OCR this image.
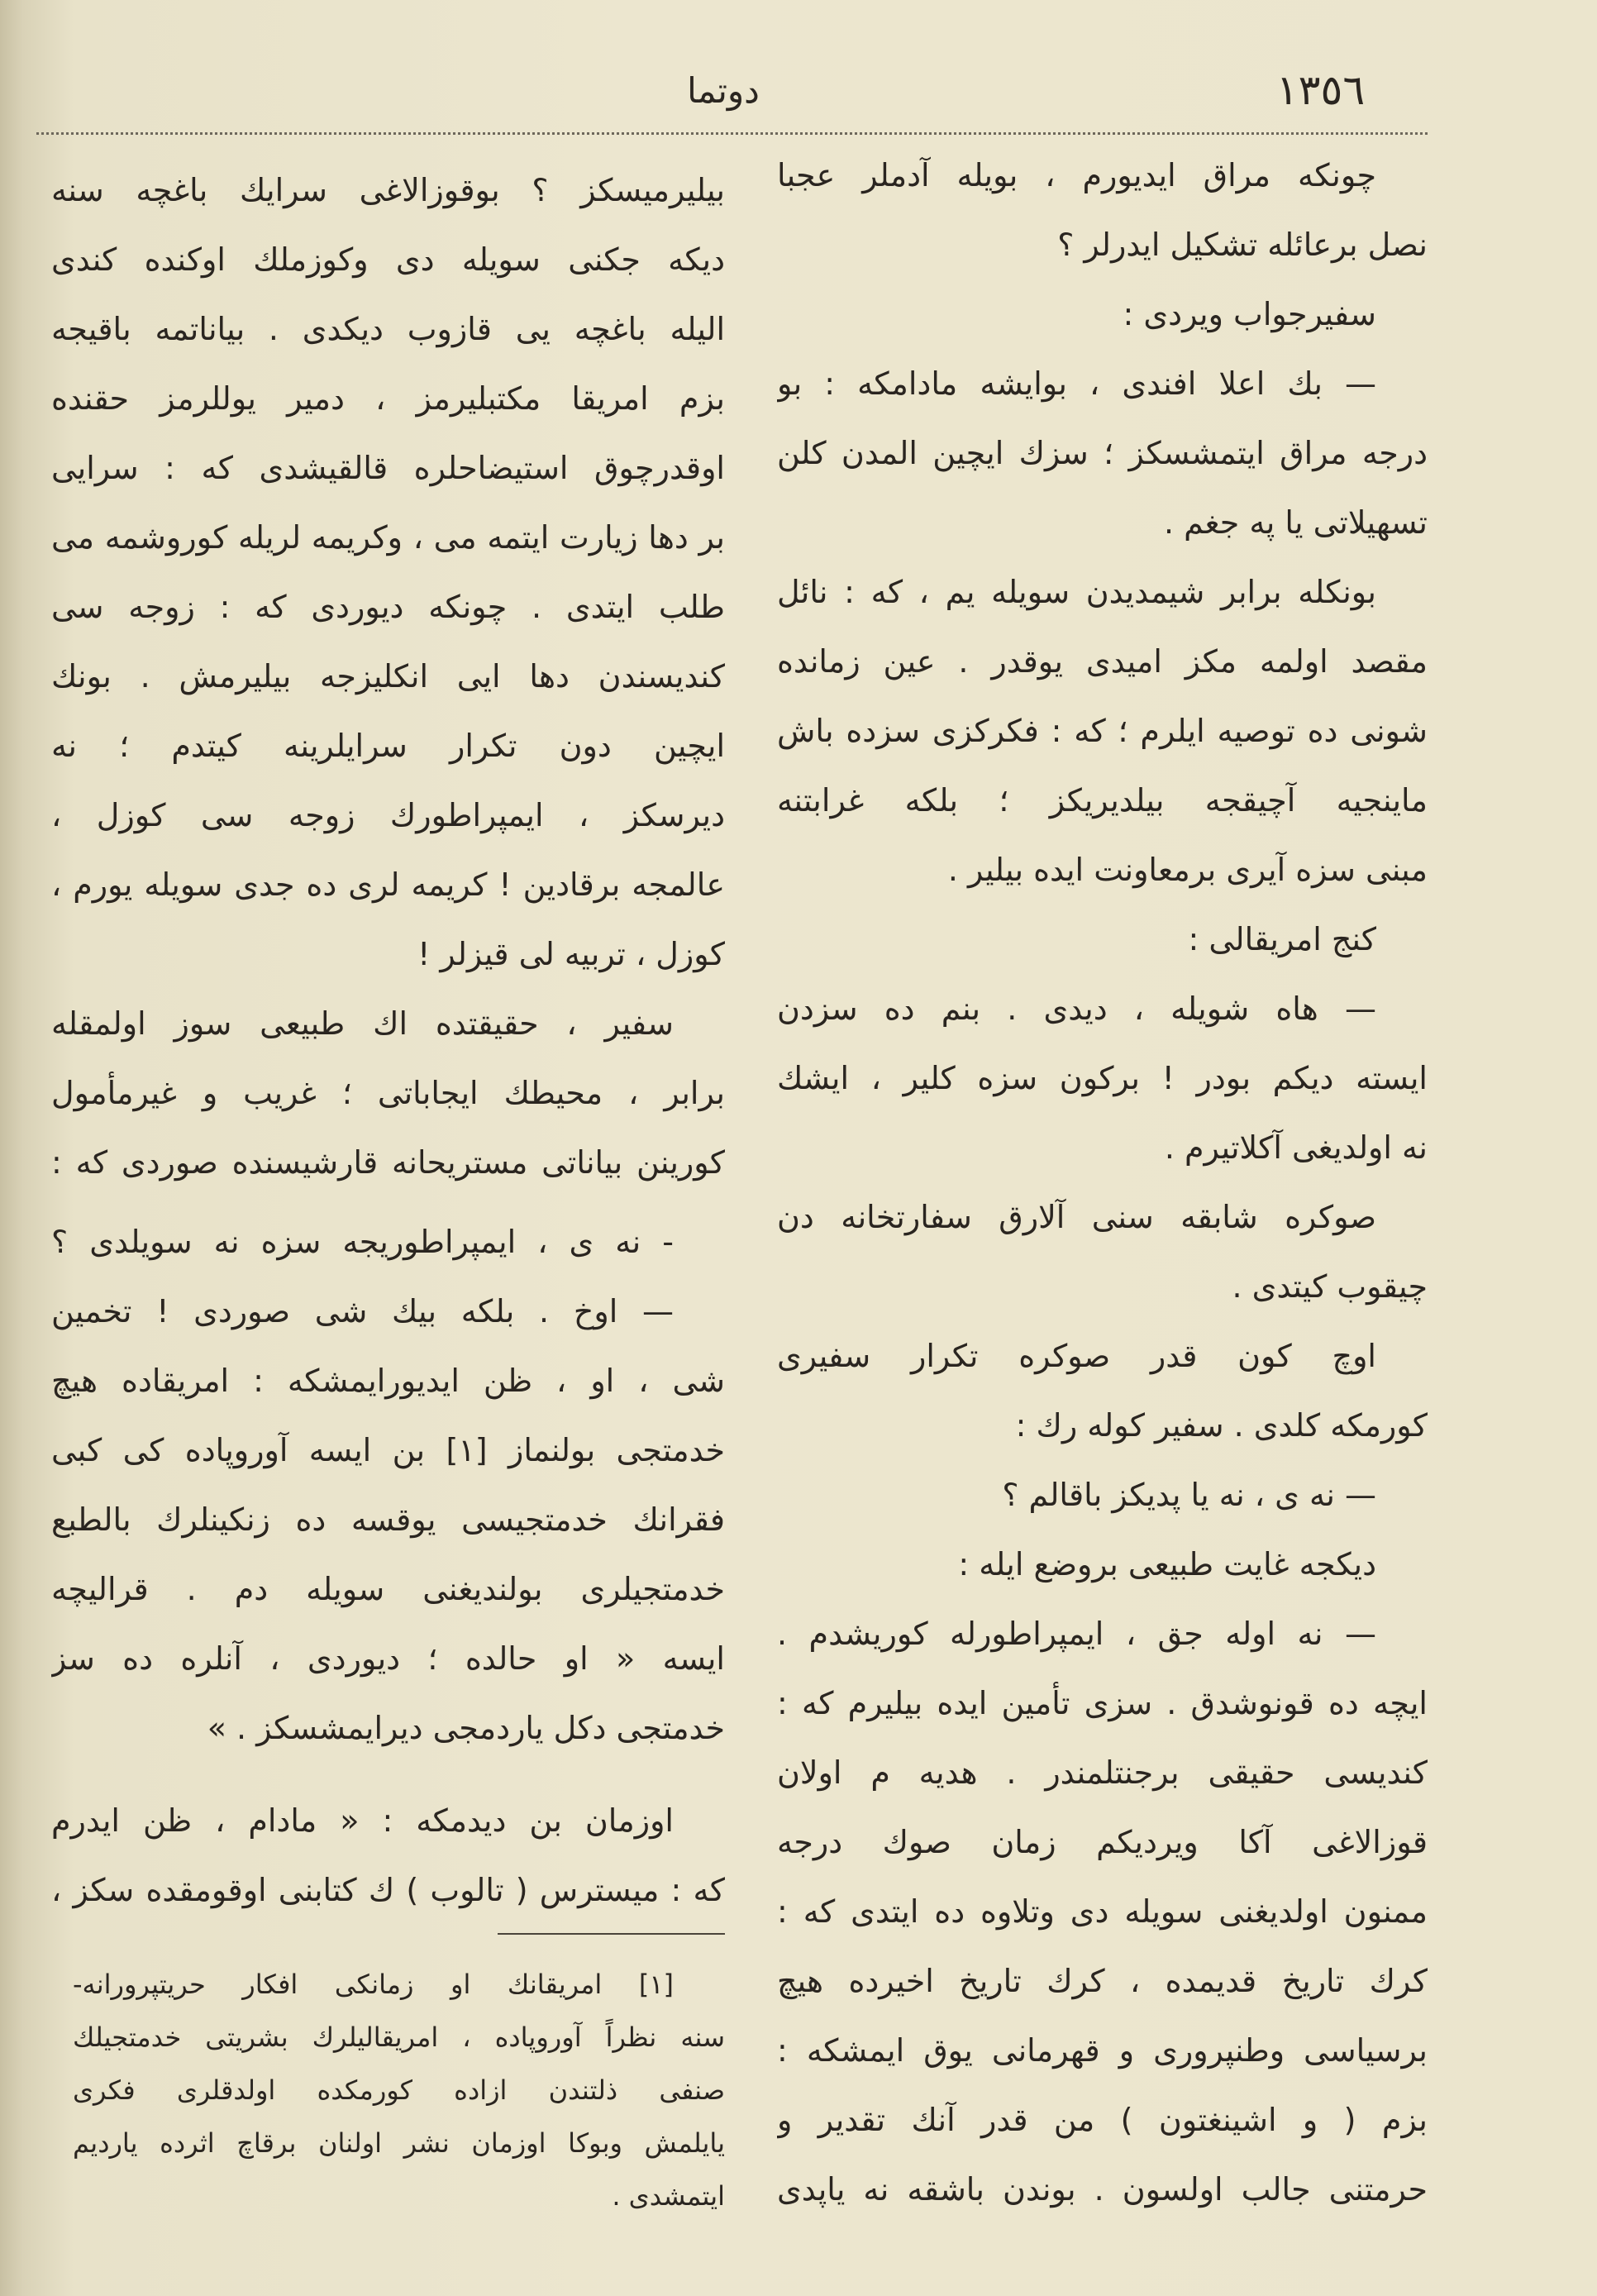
١٣٥٦
دوتما
چونكه مراق ايديورم ، بويله آدملر عجبا
نصل برعائله تشكيل ايدرلر ؟
سفيرجواب ويردى :
— بك اعلا افندى ، بوايشه مادامكه : بو
درجه مراق ايتمشسكز ؛ سزك ايچين المدن كلن
تسهيلاتى يا په جغم .
بونكله برابر شيمديدن سويله يم ، كه : نائل
مقصد اولمه مكز اميدى يوقدر . عين زمانده
شونى ده توصيه ايلرم ؛ كه : فكركزى سزده باش
ماينجيه آچيقجه بيلديريكز ؛ بلكه غرابتنه
مبنى سزه آيرى برمعاونت ايده بيلير .
كنج امريقالى :
— هاه شويله ، ديدى . بنم ده سزدن
ايسته ديكم بودر ! بركون سزه كلير ، ايشك
نه اولديغى آكلاتيرم .
صوكره شابقه سنى آلارق سفارتخانه دن
چيقوب كيتدى .
اوچ كون قدر صوكره تكرار سفيرى
كورمكه كلدى . سفير كوله رك :
— نه ى ، نه يا پديكز باقالم ؟
ديكجه غايت طبيعى بروضع ايله :
— نه اوله جق ، ايمپراطورله كوريشدم .
ايچه ده قونوشدق . سزى تأمين ايده بيليرم كه :
كنديسى حقيقى برجنتلمندر . هديه م اولان
قوزالاغى آكا ويرديكم زمان صوك درجه
ممنون اولديغنى سويله دى وتلاوه ده ايتدى كه :
كرك تاريخ قديمده ، كرك تاريخ اخيرده هيچ
برسياسى وطنپرورى و قهرمانى يوق ايمشكه :
بزم ( و اشينغتون ) من قدر آنك تقدير و
حرمتنى جالب اولسون . بوندن باشقه نه ياپدى
بيليرميسكز ؟ بوقوزالاغى سرايك باغچه سنه
ديكه جكنى سويله دى وكوزملك اوكنده كندى
اليله باغچه يى قازوب ديكدى . بياناتمه باقيجه
بزم امريقا مكتبليرمز ، دمير يوللرمز حقنده
اوقدرچوق استيضاحلره قالقيشدى كه : سرايى
بر دها زيارت ايتمه مى ، وكريمه لريله كوروشمه مى
طلب ايتدى . چونكه ديوردى كه : زوجه سى
كنديسندن دها ايى انكليزجه بيليرمش . بونك
ايچين دون تكرار سرايلرينه كيتدم ؛ نه
ديرسكز ، ايمپراطورك زوجه سى كوزل ،
عالمجه برقادين ! كريمه لرى ده جدى سويله يورم ،
كوزل ، تربيه لى قيزلر !
سفير ، حقيقتده اك طبيعى سوز اولمقله
برابر ، محيطك ايجاباتى ؛ غريب و غيرمأمول
كورينن بياناتى مستريحانه قارشيسنده صوردى كه :
- نه ى ، ايمپراطوريجه سزه نه سويلدى ؟
— اوخ . بلكه بيك شى صوردى ! تخمين
شى ، او ، ظن ايديورايمشكه : امريقاده هيچ
خدمتجى بولنماز [١] بن ايسه آوروپاده كى كبى
فقرانك خدمتجيسى يوقسه ده زنكينلرك بالطبع
خدمتجيلرى بولنديغنى سويله دم . قراليچه
ايسه « او حالده ؛ ديوردى ، آنلره ده سز
خدمتجى دكل ياردمجى ديرايمشسكز . »
اوزمان بن ديدمكه : « مادام ، ظن ايدرم
كه : ميسترس ( تالوب ) ك كتابنى اوقومقده سكز ،
[١] امريقانك او زمانكى افكار حريتپرورانه-
سنه نظراً آوروپاده ، امريقاليلرك بشريتى خدمتجيلك
صنفى ذلتندن ازاده كورمكده اولدقلرى فكرى
يايلمش وبوكا اوزمان نشر اولنان برقاچ اثرده يارديم
ايتمشدى .
